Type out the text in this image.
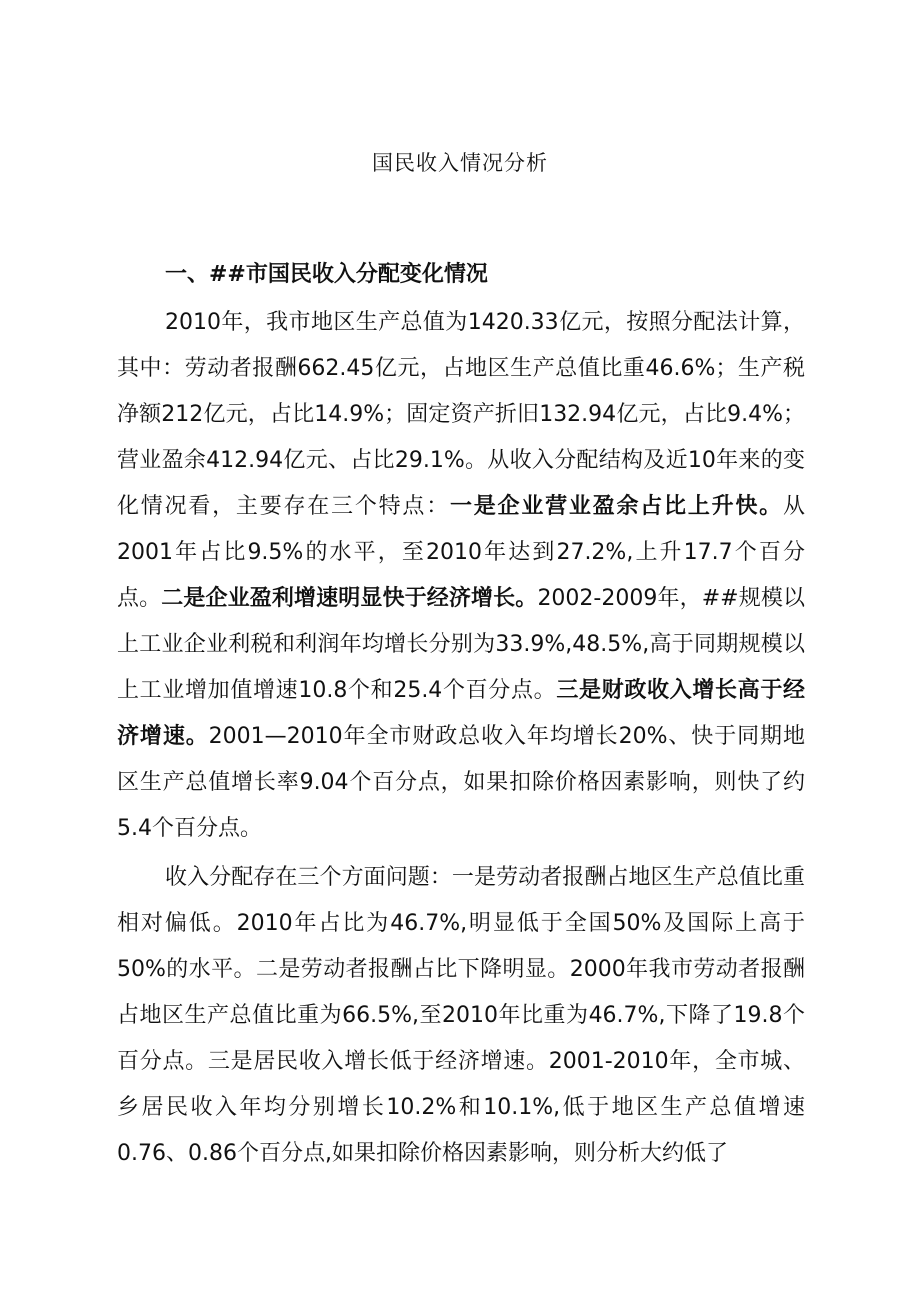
国民收入情况分析
一、##市国民收入分配变化情况

2010年，我市地区生产总值为1420.33亿元，按照分配法计算，其中：劳动者报酬662.45亿元，占地区生产总值比重46.6%；生产税净额212亿元，占比14.9%；固定资产折旧132.94亿元，占比9.4%；营业盈余412.94亿元、占比29.1%。从收入分配结构及近10年来的变化情况看，主要存在三个特点：一是企业营业盈余占比上升快。从2001年占比9.5%的水平，至2010年达到27.2%,上升17.7个百分点。二是企业盈利增速明显快于经济增长。2002-2009年，##规模以上工业企业利税和利润年均增长分别为33.9%,48.5%,高于同期规模以上工业增加值增速10.8个和25.4个百分点。三是财政收入增长高于经济增速。2001—2010年全市财政总收入年均增长20%、快于同期地区生产总值增长率9.04个百分点，如果扣除价格因素影响，则快了约5.4个百分点。

收入分配存在三个方面问题：一是劳动者报酬占地区生产总值比重相对偏低。2010年占比为46.7%,明显低于全国50%及国际上高于50%的水平。二是劳动者报酬占比下降明显。2000年我市劳动者报酬占地区生产总值比重为66.5%,至2010年比重为46.7%,下降了19.8个百分点。三是居民收入增长低于经济增速。2001-2010年，全市城、乡居民收入年均分别增长10.2%和10.1%,低于地区生产总值增速0.76、0.86个百分点,如果扣除价格因素影响，则分析大约低了
